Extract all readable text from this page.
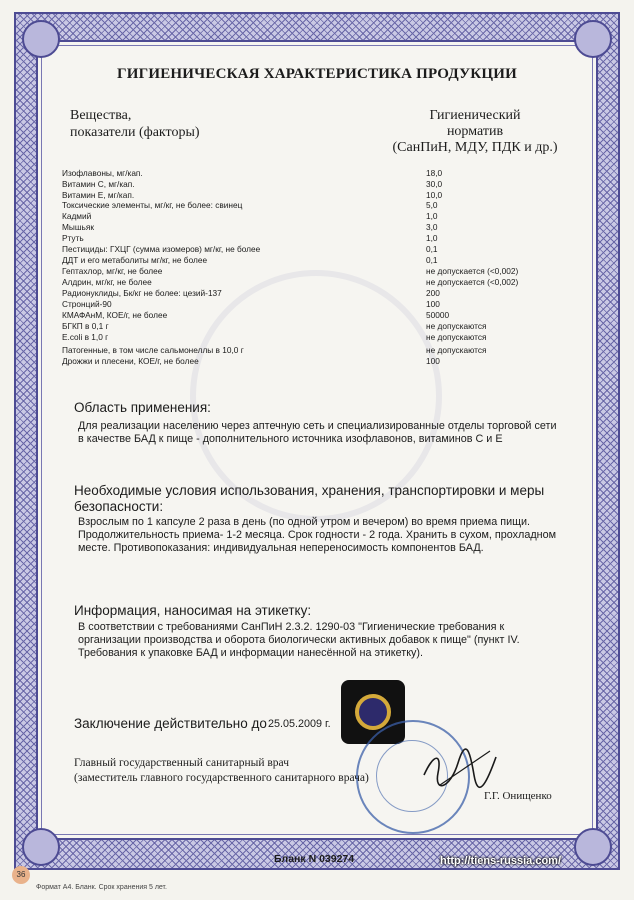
ГИГИЕНИЧЕСКАЯ ХАРАКТЕРИСТИКА ПРОДУКЦИИ
Вещества,
показатели (факторы)
Гигиенический
норматив
(СанПиН, МДУ, ПДК и др.)
Изофлавоны, мг/кап.	18,0
Витамин С, мг/кап.	30,0
Витамин Е, мг/кап.	10,0
Токсические элементы, мг/кг, не более: свинец	5,0
Кадмий	1,0
Мышьяк	3,0
Ртуть	1,0
Пестициды: ГХЦГ (сумма изомеров) мг/кг, не более	0,1
ДДТ и его метаболиты мг/кг, не более	0,1
Гептахлор, мг/кг, не более	не допускается (<0,002)
Алдрин, мг/кг, не более	не допускается (<0,002)
Радионуклиды, Бк/кг не более: цезий-137	200
Стронций-90	100
КМАФАнМ, КОЕ/г, не более	50000
БГКП в 0,1 г	не допускаются
E.coli в 1,0 г	не допускаются
Патогенные, в том числе сальмонеллы в 10,0 г	не допускаются
Дрожжи и плесени, КОЕ/г, не более	100
Область применения:
Для реализации населению через аптечную сеть и специализированные отделы торговой сети
в качестве БАД к пище - дополнительного источника изофлавонов, витаминов С и Е
Необходимые условия использования, хранения, транспортировки и меры
безопасности:
Взрослым по 1 капсуле 2 раза в день (по одной утром и вечером) во время приема пищи.
Продолжительность приема- 1-2 месяца. Срок годности - 2 года. Хранить в сухом, прохладном
месте. Противопоказания: индивидуальная непереносимость компонентов БАД.
Информация, наносимая на этикетку:
В соответствии с требованиями СанПиН 2.3.2. 1290-03 "Гигиенические требования к
организации производства и оборота биологически активных добавок к пище" (пункт IV.
Требования к упаковке БАД и информации нанесённой на этикетку).
Заключение действительно до 25.05.2009 г.
Главный государственный санитарный врач
(заместитель главного государственного санитарного врача)
Г.Г. Онищенко
Бланк N 039274	http://tiens-russia.com/
36
Формат А4. Бланк. Срок хранения 5 лет.
